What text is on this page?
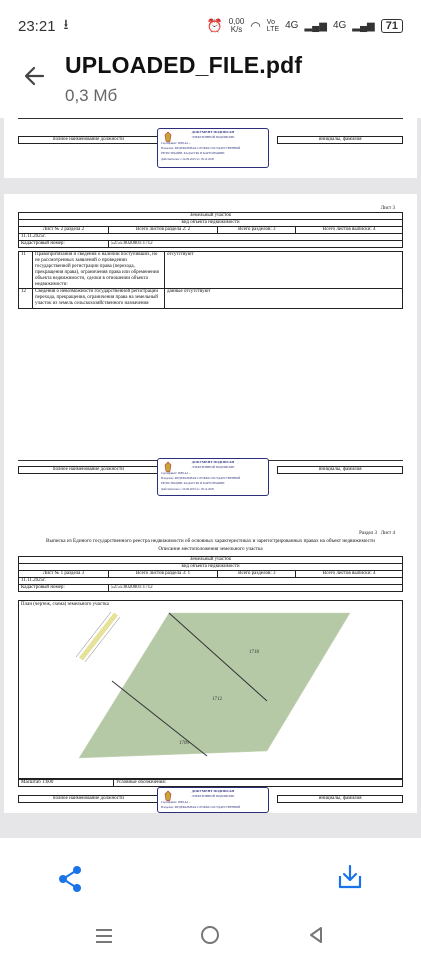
23:21 ⭳	⏰ 0,00
K/s ◠ Vo
LTE 4G ▂▄▆ 4G ▂▄▆	71
UPLOADED_FILE.pdf
0,3 Мб
полное наименование должности		инициалы, фамилия
ДОКУМЕНТ ПОДПИСАН
ЭЛЕКТРОННОЙ ПОДПИСЬЮ
Сертификат: 00B1A4 ...
Владелец: ФЕДЕРАЛЬНАЯ СЛУЖБА ГОСУДАРСТВЕННОЙ
РЕГИСТРАЦИИ, КАДАСТРА И КАРТОГРАФИИ
Действителен: с 24.09.2025 по 18.12.2026
Лист 3
Земельный участок			
вид объекта недвижимости			
Лист № 2 раздела 2	Всего листов раздела 2: 2	Всего разделов: 3	Всего листов выписки: 4
11.11.2025г.			
Кадастровый номер:	52:55:0020001:1712		
11	Правопритязания и сведения о наличии поступивших, но не рассмотренных заявлений о проведении государственной регистрации права (перехода, прекращения права), ограничения права или обременения объекта недвижимости, сделки в отношении объекта недвижимости:	отсутствуют
12	Сведения о невозможности государственной регистрации перехода, прекращения, ограничения права на земельный участок из земель сельскохозяйственного назначения	данные отсутствуют
полное наименование должности		инициалы, фамилия
ДОКУМЕНТ ПОДПИСАН
ЭЛЕКТРОННОЙ ПОДПИСЬЮ
Сертификат: 00B1A4 ...
Владелец: ФЕДЕРАЛЬНАЯ СЛУЖБА ГОСУДАРСТВЕННОЙ
РЕГИСТРАЦИИ, КАДАСТРА И КАРТОГРАФИИ
Действителен: с 24.09.2025 по 18.12.2026
Раздел 3 Лист 4
Выписка из Единого государственного реестра недвижимости об основных характеристиках и зарегистрированных правах на объект недвижимости
Описание местоположения земельного участка
Земельный участок			
вид объекта недвижимости			
Лист № 1 раздела 3	Всего листов раздела 3: 1	Всего разделов: 3	Всего листов выписки: 4
11.11.2025г.			
Кадастровый номер:	52:55:0020001:1712		
План (чертеж, схема) земельного участка
1718
1712
1709
Масштаб 1:600	Условные обозначения:
полное наименование должности		инициалы, фамилия
ДОКУМЕНТ ПОДПИСАН
ЭЛЕКТРОННОЙ ПОДПИСЬЮ
Сертификат: 00B1A4 ...
Владелец: ФЕДЕРАЛЬНАЯ СЛУЖБА ГОСУДАРСТВЕННОЙ
